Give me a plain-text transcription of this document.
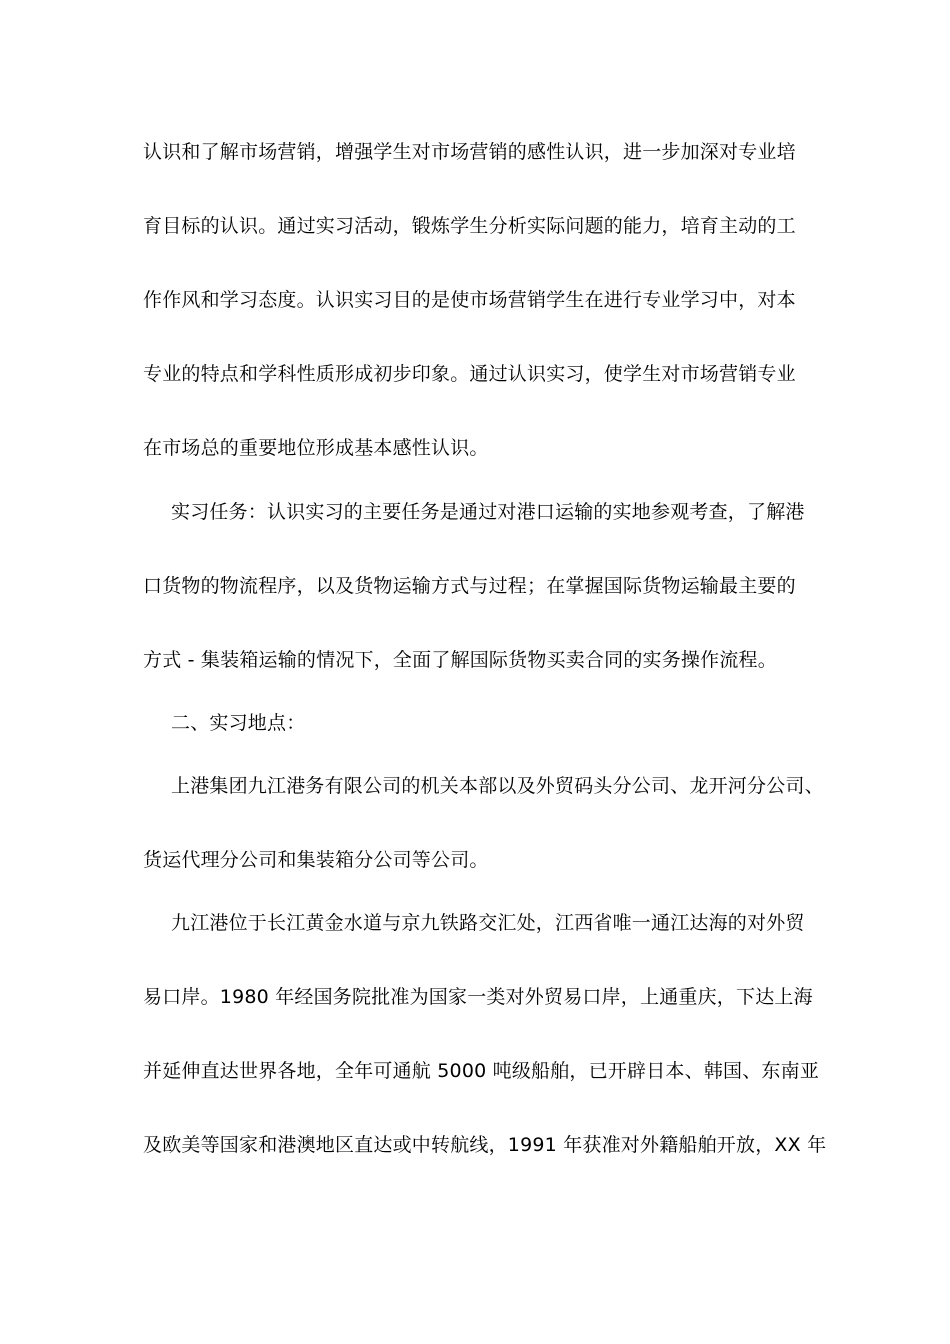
认识和了解市场营销，增强学生对市场营销的感性认识，进一步加深对专业培
育目标的认识。通过实习活动，锻炼学生分析实际问题的能力，培育主动的工
作作风和学习态度。认识实习目的是使市场营销学生在进行专业学习中，对本
专业的特点和学科性质形成初步印象。通过认识实习，使学生对市场营销专业
在市场总的重要地位形成基本感性认识。
实习任务：认识实习的主要任务是通过对港口运输的实地参观考查，了解港
口货物的物流程序，以及货物运输方式与过程；在掌握国际货物运输最主要的
方式 - 集装箱运输的情况下，全面了解国际货物买卖合同的实务操作流程。
二、实习地点：
上港集团九江港务有限公司的机关本部以及外贸码头分公司、龙开河分公司、
货运代理分公司和集装箱分公司等公司。
九江港位于长江黄金水道与京九铁路交汇处，江西省唯一通江达海的对外贸
易口岸。1980 年经国务院批准为国家一类对外贸易口岸，上通重庆，下达上海
并延伸直达世界各地，全年可通航 5000 吨级船舶，已开辟日本、韩国、东南亚
及欧美等国家和港澳地区直达或中转航线，1991 年获准对外籍船舶开放，XX 年
